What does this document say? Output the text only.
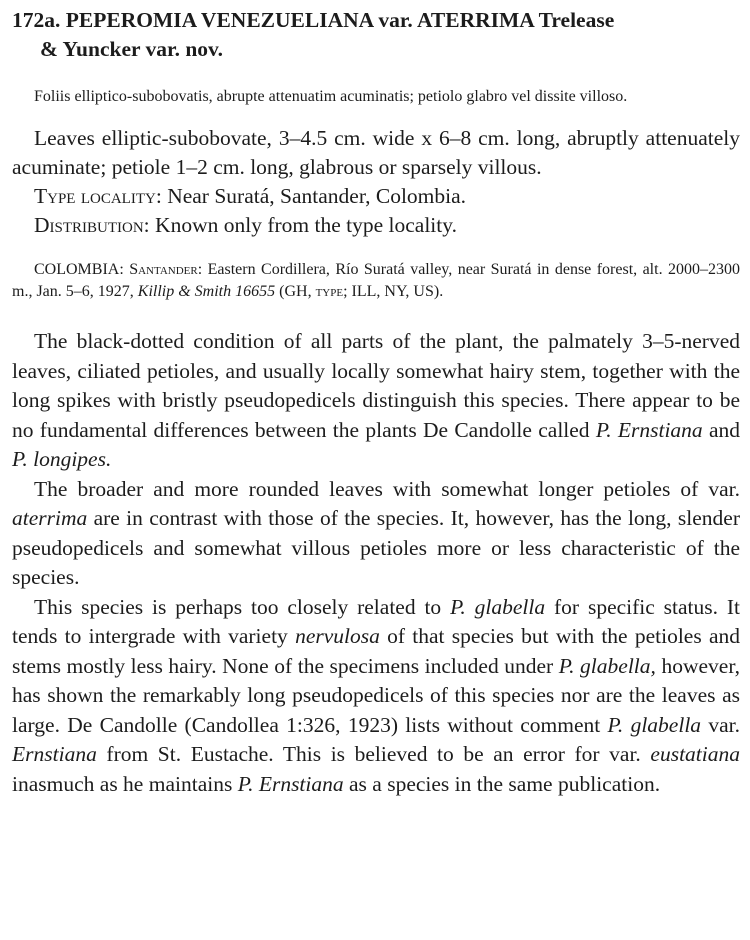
172a. PEPEROMIA VENEZUELIANA var. ATERRIMA Trelease
& Yuncker var. nov.

Foliis elliptico-subobovatis, abrupte attenuatim acuminatis; petiolo glabro vel dissite villoso.

Leaves elliptic-subobovate, 3–4.5 cm. wide x 6–8 cm. long, abruptly attenuately acuminate; petiole 1–2 cm. long, glabrous or sparsely villous.

Type locality: Near Suratá, Santander, Colombia.

Distribution: Known only from the type locality.

COLOMBIA: Santander: Eastern Cordillera, Río Suratá valley, near Suratá in dense forest, alt. 2000–2300 m., Jan. 5–6, 1927, Killip & Smith 16655 (GH, type; ILL, NY, US).

The black-dotted condition of all parts of the plant, the palmately 3–5-nerved leaves, ciliated petioles, and usually locally somewhat hairy stem, together with the long spikes with bristly pseudopedicels distinguish this species. There appear to be no fundamental differences between the plants De Candolle called P. Ernstiana and P. longipes.

The broader and more rounded leaves with somewhat longer petioles of var. aterrima are in contrast with those of the species. It, however, has the long, slender pseudopedicels and somewhat villous petioles more or less characteristic of the species.

This species is perhaps too closely related to P. glabella for specific status. It tends to intergrade with variety nervulosa of that species but with the petioles and stems mostly less hairy. None of the specimens included under P. glabella, however, has shown the remarkably long pseudopedicels of this species nor are the leaves as large. De Candolle (Candollea 1:326, 1923) lists without comment P. glabella var. Ernstiana from St. Eustache. This is believed to be an error for var. eustatiana inasmuch as he maintains P. Ernstiana as a species in the same publication.
